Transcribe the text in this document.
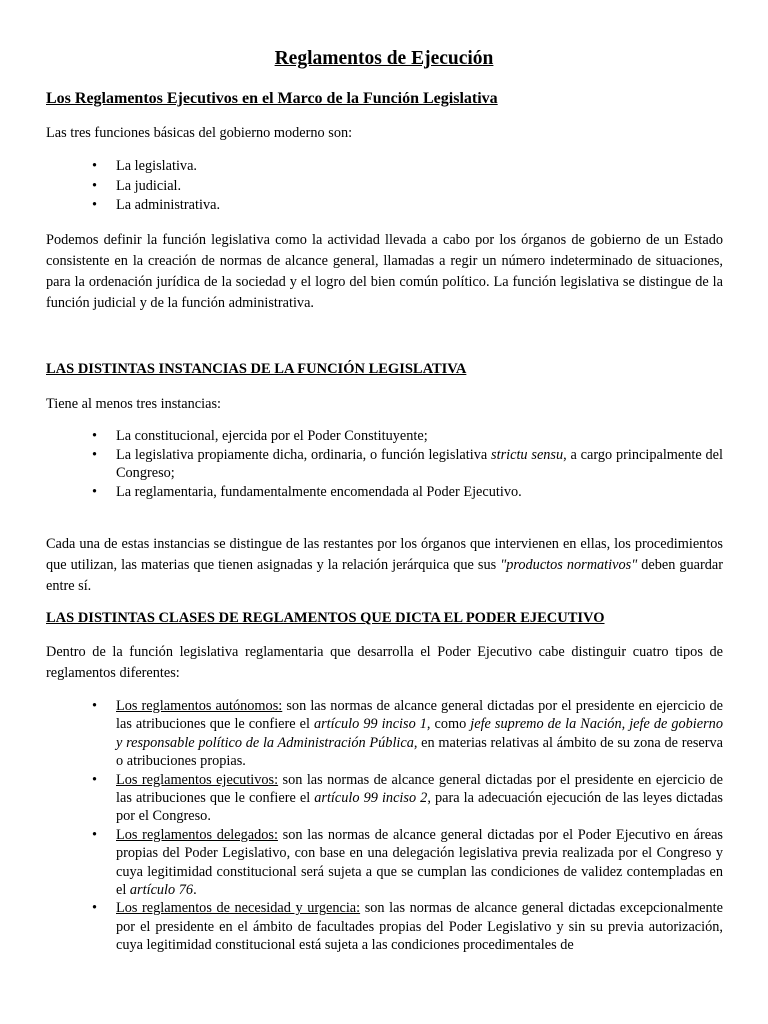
Reglamentos de Ejecución
Los Reglamentos Ejecutivos en el Marco de la Función Legislativa

Las tres funciones básicas del gobierno moderno son:

• La legislativa.
• La judicial.
• La administrativa.

Podemos definir la función legislativa como la actividad llevada a cabo por los órganos de gobierno de un Estado consistente en la creación de normas de alcance general, llamadas a regir un número indeterminado de situaciones, para la ordenación jurídica de la sociedad y el logro del bien común político. La función legislativa se distingue de la función judicial y de la función administrativa.

LAS DISTINTAS INSTANCIAS DE LA FUNCIÓN LEGISLATIVA

Tiene al menos tres instancias:

• La constitucional, ejercida por el Poder Constituyente;
• La legislativa propiamente dicha, ordinaria, o función legislativa strictu sensu, a cargo principalmente del Congreso;
• La reglamentaria, fundamentalmente encomendada al Poder Ejecutivo.

Cada una de estas instancias se distingue de las restantes por los órganos que intervienen en ellas, los procedimientos que utilizan, las materias que tienen asignadas y la relación jerárquica que sus "productos normativos" deben guardar entre sí.

LAS DISTINTAS CLASES DE REGLAMENTOS QUE DICTA EL PODER EJECUTIVO

Dentro de la función legislativa reglamentaria que desarrolla el Poder Ejecutivo cabe distinguir cuatro tipos de reglamentos diferentes:

• Los reglamentos autónomos: son las normas de alcance general dictadas por el presidente en ejercicio de las atribuciones que le confiere el artículo 99 inciso 1, como jefe supremo de la Nación, jefe de gobierno y responsable político de la Administración Pública, en materias relativas al ámbito de su zona de reserva o atribuciones propias.
• Los reglamentos ejecutivos: son las normas de alcance general dictadas por el presidente en ejercicio de las atribuciones que le confiere el artículo 99 inciso 2, para la adecuación ejecución de las leyes dictadas por el Congreso.
• Los reglamentos delegados: son las normas de alcance general dictadas por el Poder Ejecutivo en áreas propias del Poder Legislativo, con base en una delegación legislativa previa realizada por el Congreso y cuya legitimidad constitucional será sujeta a que se cumplan las condiciones de validez contempladas en el artículo 76.
• Los reglamentos de necesidad y urgencia: son las normas de alcance general dictadas excepcionalmente por el presidente en el ámbito de facultades propias del Poder Legislativo y sin su previa autorización, cuya legitimidad constitucional está sujeta a las condiciones procedimentales de
